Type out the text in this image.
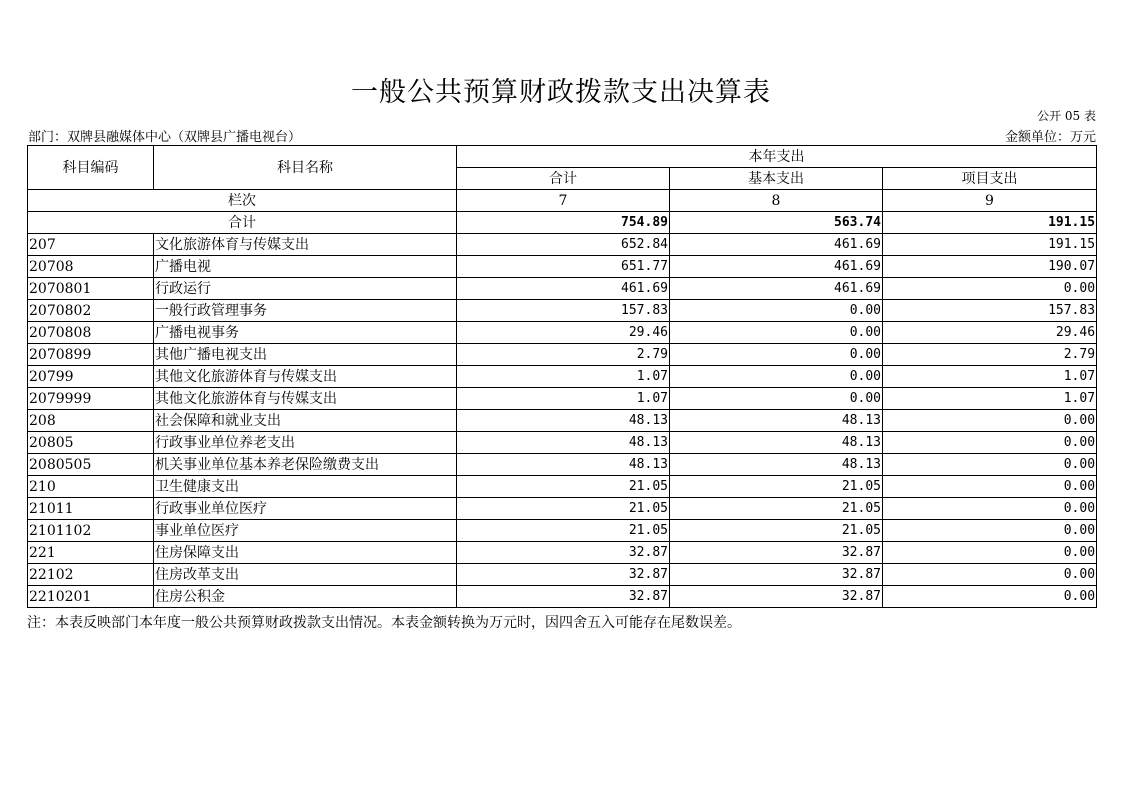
一般公共预算财政拨款支出决算表
公开 05 表
部门：双牌县融媒体中心（双牌县广播电视台）	金额单位：万元
科目编码	科目名称	本年支出		
		合计	基本支出	项目支出
栏次		7	8	9
合计		754.89	563.74	191.15
207	文化旅游体育与传媒支出	652.84	461.69	191.15
20708	广播电视	651.77	461.69	190.07
2070801	行政运行	461.69	461.69	0.00
2070802	一般行政管理事务	157.83	0.00	157.83
2070808	广播电视事务	29.46	0.00	29.46
2070899	其他广播电视支出	2.79	0.00	2.79
20799	其他文化旅游体育与传媒支出	1.07	0.00	1.07
2079999	其他文化旅游体育与传媒支出	1.07	0.00	1.07
208	社会保障和就业支出	48.13	48.13	0.00
20805	行政事业单位养老支出	48.13	48.13	0.00
2080505	机关事业单位基本养老保险缴费支出	48.13	48.13	0.00
210	卫生健康支出	21.05	21.05	0.00
21011	行政事业单位医疗	21.05	21.05	0.00
2101102	事业单位医疗	21.05	21.05	0.00
221	住房保障支出	32.87	32.87	0.00
22102	住房改革支出	32.87	32.87	0.00
2210201	住房公积金	32.87	32.87	0.00
注：本表反映部门本年度一般公共预算财政拨款支出情况。本表金额转换为万元时，因四舍五入可能存在尾数误差。
